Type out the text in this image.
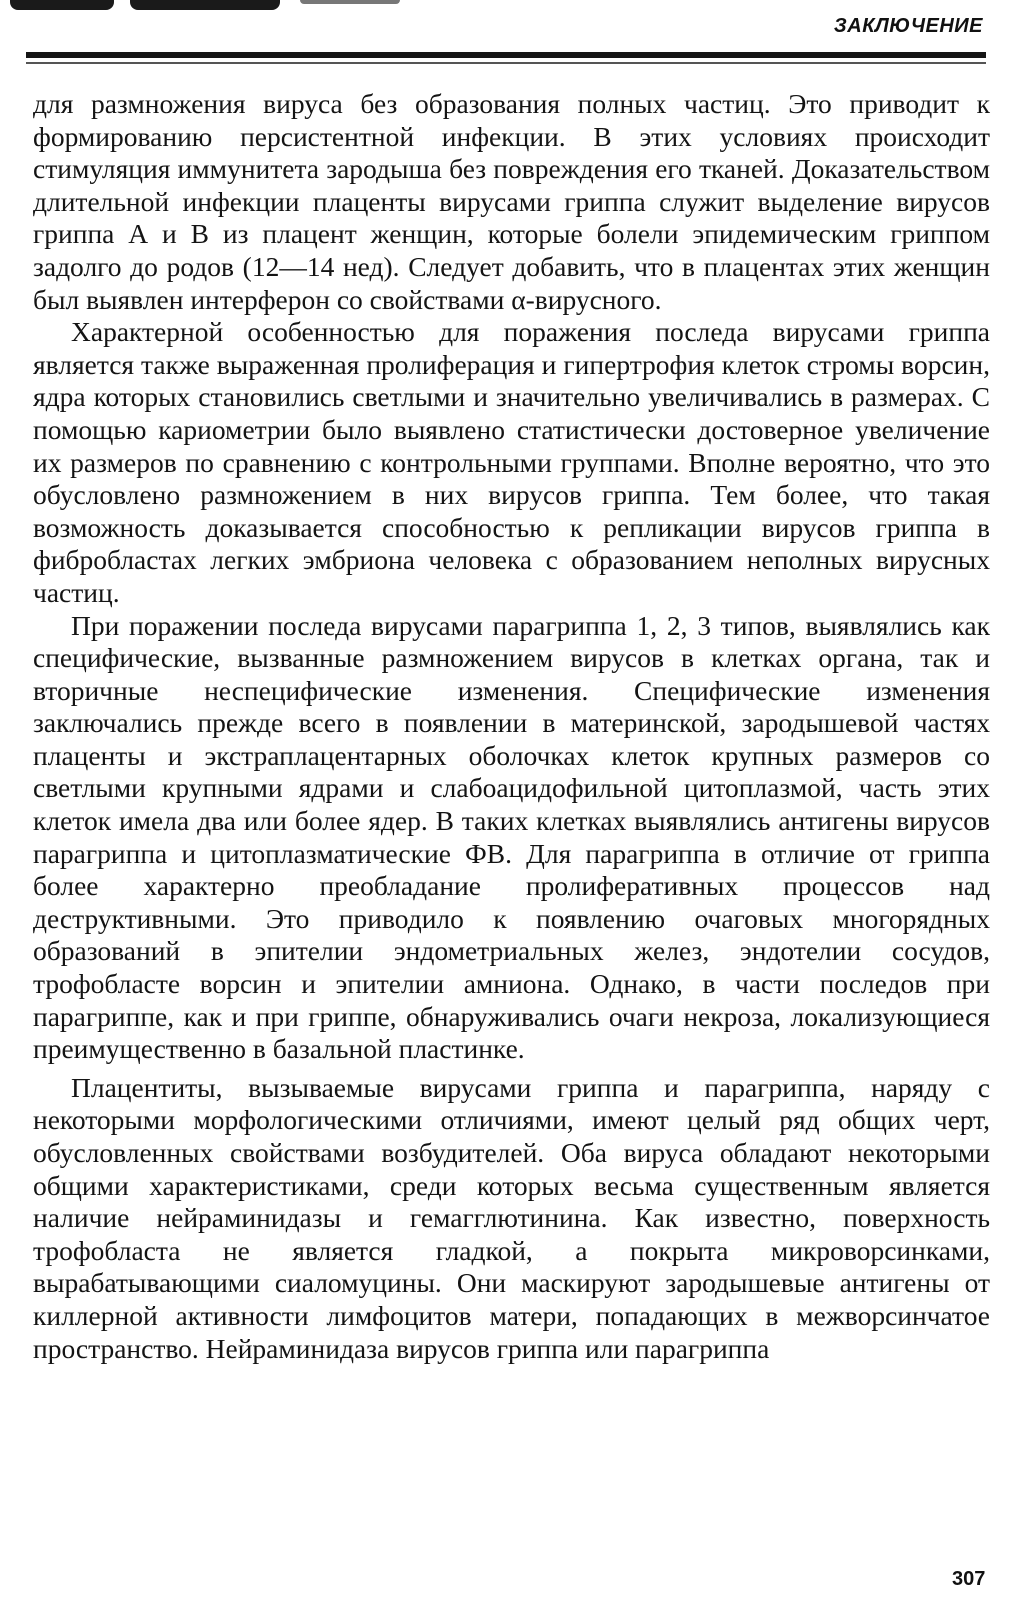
ЗАКЛЮЧЕНИЕ

для размножения вируса без образования полных частиц. Это приводит к формированию персистентной инфекции. В этих условиях происходит стимуляция иммунитета зародыша без повреждения его тканей. Доказательством длительной инфекции плаценты вирусами гриппа служит выделение вирусов гриппа А и В из плацент женщин, которые болели эпидемическим гриппом задолго до родов (12—14 нед). Следует добавить, что в плацентах этих женщин был выявлен интерферон со свойствами α-вирусного.

Характерной особенностью для поражения последа вирусами гриппа является также выраженная пролиферация и гипертрофия клеток стромы ворсин, ядра которых становились светлыми и значительно увеличивались в размерах. С помощью кариометрии было выявлено статистически достоверное увеличение их размеров по сравнению с контрольными группами. Вполне вероятно, что это обусловлено размножением в них вирусов гриппа. Тем более, что такая возможность доказывается способностью к репликации вирусов гриппа в фибробластах легких эмбриона человека с образованием неполных вирусных частиц.

При поражении последа вирусами парагриппа 1, 2, 3 типов, выявлялись как специфические, вызванные размножением вирусов в клетках органа, так и вторичные неспецифические изменения. Специфические изменения заключались прежде всего в появлении в материнской, зародышевой частях плаценты и экстраплацентарных оболочках клеток крупных размеров со светлыми крупными ядрами и слабоацидофильной цитоплазмой, часть этих клеток имела два или более ядер. В таких клетках выявлялись антигены вирусов парагриппа и цитоплазматические ФВ. Для парагриппа в отличие от гриппа более характерно преобладание пролиферативных процессов над деструктивными. Это приводило к появлению очаговых многорядных образований в эпителии эндометриальных желез, эндотелии сосудов, трофобласте ворсин и эпителии амниона. Однако, в части последов при парагриппе, как и при гриппе, обнаруживались очаги некроза, локализующиеся преимущественно в базальной пластинке.

Плацентиты, вызываемые вирусами гриппа и парагриппа, наряду с некоторыми морфологическими отличиями, имеют целый ряд общих черт, обусловленных свойствами возбудителей. Оба вируса обладают некоторыми общими характеристиками, среди которых весьма существенным является наличие нейраминидазы и гемагглютинина. Как известно, поверхность трофобласта не является гладкой, а покрыта микроворсинками, вырабатывающими сиаломуцины. Они маскируют зародышевые антигены от киллерной активности лимфоцитов матери, попадающих в межворсинчатое пространство. Нейраминидаза вирусов гриппа или парагриппа

307
